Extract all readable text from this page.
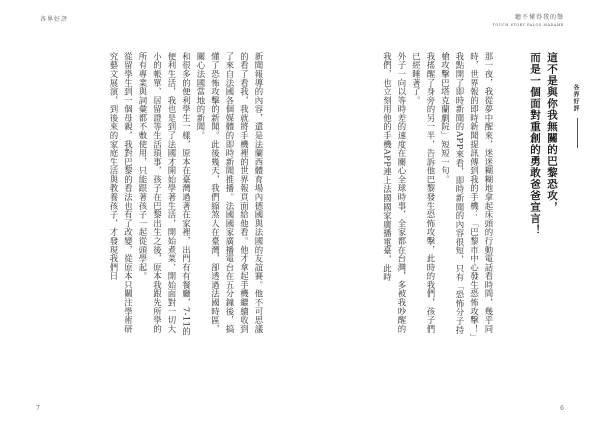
各界好評

新聞報導的內容，還是法蘭西體育場內德國與法國的友誼賽。他不可思議的看了看我，我就將手機裡的世界報頁面給他看。他才拿起手機繼續收到了來自法國各個媒體的即時新聞推播。法國國家廣播電台在五分鐘後，搞懂了恐怖攻擊的新聞。此後幾天，我們縮煞人在臺灣，卻透過法國時區，關心法國當地的新聞。

和很多的便利學生一樣，原本在臺灣過著在家裡，出門有有餐廳，7-11的便利生活，我也是到了法國才開始學著生活，開始煮菜、開始面對一切大小的帳單、居留證等生活瑣事，孩子在巴黎出生之後，原本我跟先所學的所有專業與詞彙都不敷使用，只能跟著孩子一起從頭學起。

從留學生到一個母親，我對巴黎的看法也有了改變，從原本只關注學術研究藝文展演，到後來的家庭生活與教養孩子，才發現我們日

7
聽不懂得我的聲
TOUCH STORY PALOS MADAME
各界好評
這不是與你我無關的巴黎恐攻，
而是一個面對重創的勇敢爸爸宣言！

那一夜，我從夢中醒來，迷迷糊糊地拿起床頭的行動電話看時間，幾乎同時，世界報的即時新聞提訊傳到我的手機：「巴黎市中心發生恐怖攻擊！」我點開了即時新聞的APP來看，即時新聞的內容很短，只有「恐怖分子持槍攻擊巴塔克蘭劇院」短短一句。

我搖醒了身旁的另一半，告訴他巴黎發生恐怖攻擊，此時的我們，孩子們已經睡著了。

外子一向以等時差的速度在關心全球時事，全家都在台灣，多被我吵醒的我們，也立刻用他的手機APP連上法國國家廣播電臺，此時

6
